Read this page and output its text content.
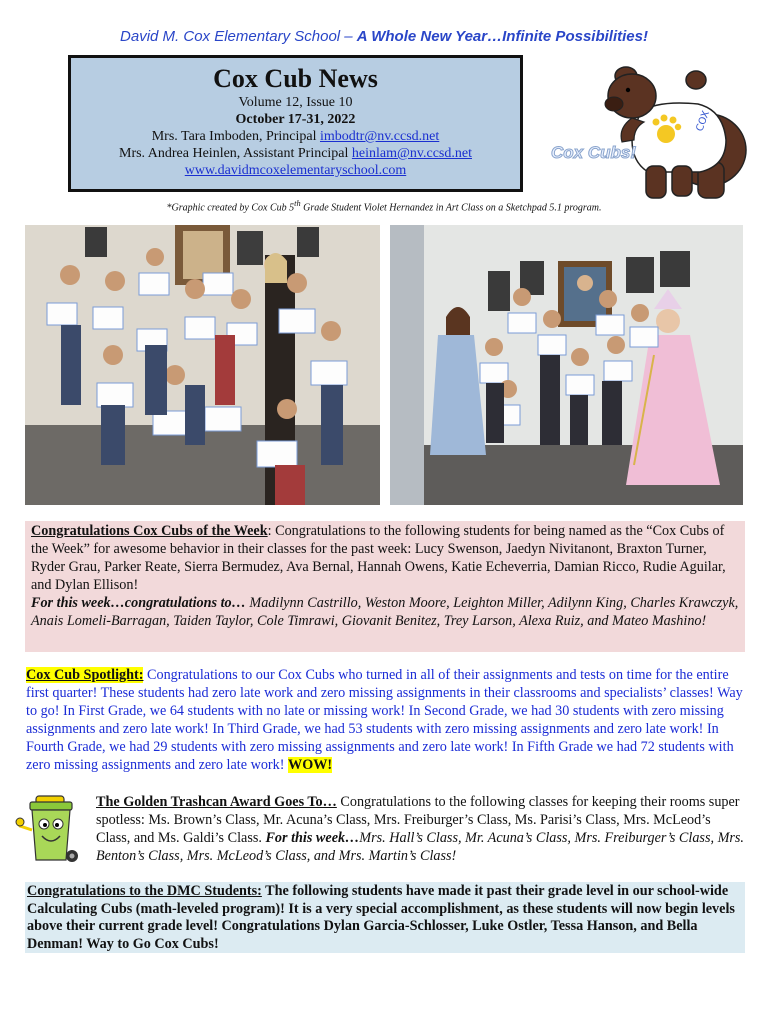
David M. Cox Elementary School – A Whole New Year…Infinite Possibilities!
Cox Cub News
Volume 12, Issue 10
October 17-31, 2022
Mrs. Tara Imboden, Principal imbodtr@nv.ccsd.net
Mrs. Andrea Heinlen, Assistant Principal heinlam@nv.ccsd.net
www.davidmcoxelementaryschool.com
COX
Cox Cubs!
*Graphic created by Cox Cub 5th Grade Student Violet Hernandez in Art Class on a Sketchpad 5.1 program.
Congratulations Cox Cubs of the Week: Congratulations to the following students for being named as the “Cox Cubs of the Week” for awesome behavior in their classes for the past week: Lucy Swenson, Jaedyn Nivitanont, Braxton Turner, Ryder Grau, Parker Reate, Sierra Bermudez, Ava Bernal, Hannah Owens, Katie Echeverria, Damian Ricco, Rudie Aguilar, and Dylan Ellison!
For this week…congratulations to… Madilynn Castrillo, Weston Moore, Leighton Miller, Adilynn King, Charles Krawczyk, Anais Lomeli-Barragan, Taiden Taylor, Cole Timrawi, Giovanit Benitez, Trey Larson, Alexa Ruiz, and Mateo Mashino!
Cox Cub Spotlight: Congratulations to our Cox Cubs who turned in all of their assignments and tests on time for the entire first quarter! These students had zero late work and zero missing assignments in their classrooms and specialists’ classes! Way to go! In First Grade, we 64 students with no late or missing work! In Second Grade, we had 30 students with zero missing assignments and zero late work! In Third Grade, we had 53 students with zero missing assignments and zero late work! In Fourth Grade, we had 29 students with zero missing assignments and zero late work! In Fifth Grade we had 72 students with zero missing assignments and zero late work! WOW!
The Golden Trashcan Award Goes To… Congratulations to the following classes for keeping their rooms super spotless: Ms. Brown’s Class, Mr. Acuna’s Class, Mrs. Freiburger’s Class, Ms. Parisi’s Class, Mrs. McLeod’s Class, and Ms. Galdi’s Class. For this week…Mrs. Hall’s Class, Mr. Acuna’s Class, Mrs. Freiburger’s Class, Mrs. Benton’s Class, Mrs. McLeod’s Class, and Mrs. Martin’s Class!
Congratulations to the DMC Students: The following students have made it past their grade level in our school-wide Calculating Cubs (math-leveled program)! It is a very special accomplishment, as these students will now begin levels above their current grade level! Congratulations Dylan Garcia-Schlosser, Luke Ostler, Tessa Hanson, and Bella Denman! Way to Go Cox Cubs!
